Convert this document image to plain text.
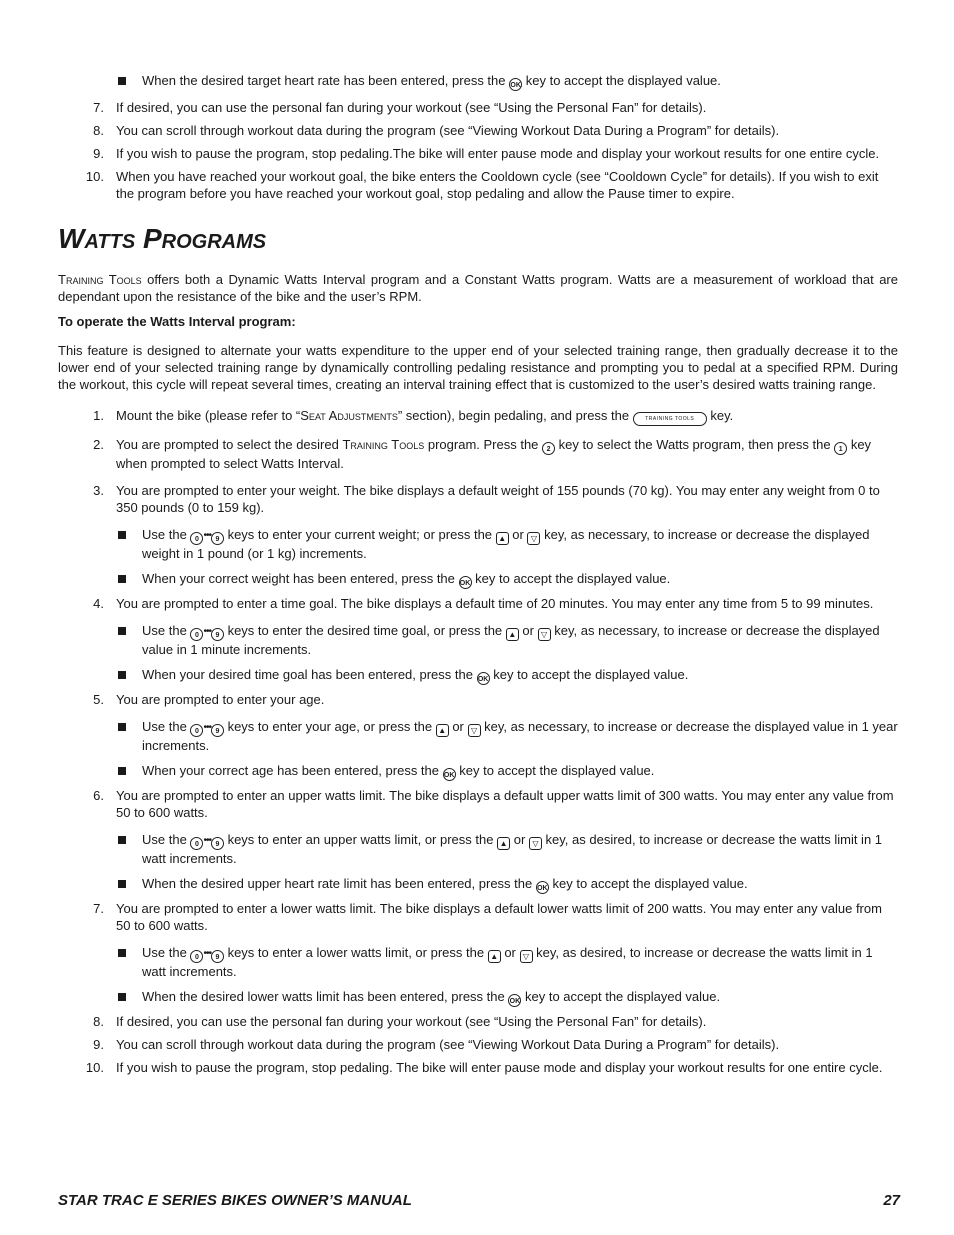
When the desired target heart rate has been entered, press the OK key to accept the displayed value.
7. If desired, you can use the personal fan during your workout (see “Using the Personal Fan” for details).
8. You can scroll through workout data during the program (see “Viewing Workout Data During a Program” for details).
9. If you wish to pause the program, stop pedaling.The bike will enter pause mode and display your workout results for one entire cycle.
10. When you have reached your workout goal, the bike enters the Cooldown cycle (see “Cooldown Cycle” for details). If you wish to exit the program before you have reached your workout goal, stop pedaling and allow the Pause timer to expire.
WATTS PROGRAMS
Training Tools offers both a Dynamic Watts Interval program and a Constant Watts program. Watts are a measurement of workload that are dependant upon the resistance of the bike and the user’s RPM.
To operate the Watts Interval program:
This feature is designed to alternate your watts expenditure to the upper end of your selected training range, then gradually decrease it to the lower end of your selected training range by dynamically controlling pedaling resistance and prompting you to pedal at a specified RPM. During the workout, this cycle will repeat several times, creating an interval training effect that is customized to the user’s desired watts training range.
1. Mount the bike (please refer to “Seat Adjustments” section), begin pedaling, and press the	TRAINING TOOLS key.
2. You are prompted to select the desired Training Tools program. Press the 2 key to select the Watts program, then press the 1 key when prompted to select Watts Interval.
3. You are prompted to enter your weight. The bike displays a default weight of 155 pounds (70 kg). You may enter any weight from 0 to 350 pounds (0 to 159 kg).
Use the 0 ••• 9 keys to enter your current weight; or press the ▲ or ▽ key, as necessary, to increase or decrease the displayed weight in 1 pound (or 1 kg) increments.
When your correct weight has been entered, press the OK key to accept the displayed value.
4. You are prompted to enter a time goal. The bike displays a default time of 20 minutes. You may enter any time from 5 to 99 minutes.
Use the 0 ••• 9 keys to enter the desired time goal, or press the ▲ or ▽ key, as necessary, to increase or decrease the displayed value in 1 minute increments.
When your desired time goal has been entered, press the OK key to accept the displayed value.
5. You are prompted to enter your age.
Use the 0 ••• 9 keys to enter your age, or press the ▲ or ▽ key, as necessary, to increase or decrease the displayed value in 1 year increments.
When your correct age has been entered, press the OK key to accept the displayed value.
6. You are prompted to enter an upper watts limit. The bike displays a default upper watts limit of 300 watts. You may enter any value from 50 to 600 watts.
Use the 0 ••• 9 keys to enter an upper watts limit, or press the ▲ or ▽ key, as desired, to increase or decrease the watts limit in 1 watt increments.
When the desired upper heart rate limit has been entered, press the OK key to accept the displayed value.
7. You are prompted to enter a lower watts limit. The bike displays a default lower watts limit of 200 watts. You may enter any value from 50 to 600 watts.
Use the 0 ••• 9 keys to enter a lower watts limit, or press the ▲ or ▽ key, as desired, to increase or decrease the watts limit in 1 watt increments.
When the desired lower watts limit has been entered, press the OK key to accept the displayed value.
8. If desired, you can use the personal fan during your workout (see “Using the Personal Fan” for details).
9. You can scroll through workout data during the program (see “Viewing Workout Data During a Program” for details).
10. If you wish to pause the program, stop pedaling. The bike will enter pause mode and display your workout results for one entire cycle.
STAR TRAC E SERIES BIKES OWNER’S MANUAL	27
